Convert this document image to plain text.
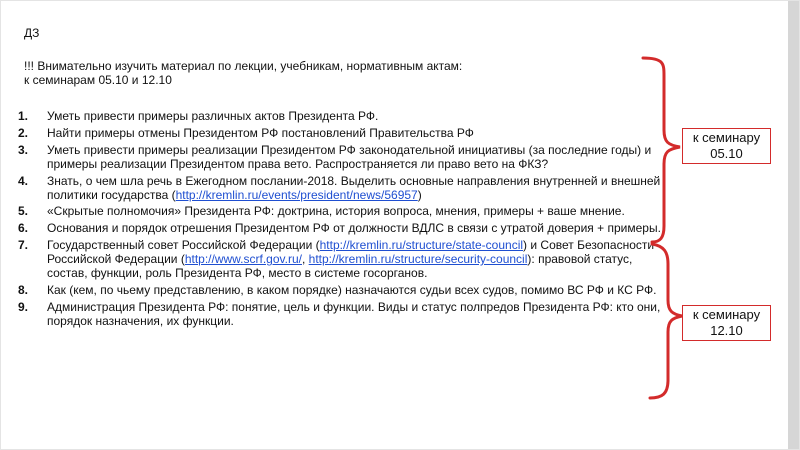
ДЗ
!!! Внимательно изучить материал по лекции, учебникам, нормативным актам:
к семинарам 05.10 и 12.10
1.	Уметь привести примеры различных актов Президента РФ.
2.	Найти примеры отмены Президентом РФ постановлений Правительства РФ
3.	Уметь привести примеры реализации Президентом РФ законодательной инициативы (за последние годы) и примеры реализации Президентом права вето. Распространяется ли право вето на ФКЗ?
4.	Знать, о чем шла речь в Ежегодном послании-2018. Выделить основные направления внутренней и внешней политики государства (http://kremlin.ru/events/president/news/56957)
5.	«Скрытые полномочия» Президента РФ: доктрина, история вопроса, мнения, примеры + ваше мнение.
6.	Основания и порядок отрешения Президентом РФ от должности ВДЛС в связи с утратой доверия + примеры.
7.	Государственный совет Российской Федерации (http://kremlin.ru/structure/state-council) и Совет Безопасности Российской Федерации (http://www.scrf.gov.ru/, http://kremlin.ru/structure/security-council): правовой статус, состав, функции, роль Президента РФ, место в системе госорганов.
8.	Как (кем, по чьему представлению, в каком порядке) назначаются судьи всех судов, помимо ВС РФ и КС РФ.
9.	Администрация Президента РФ: понятие, цель и функции. Виды и статус полпредов Президента РФ: кто они, порядок назначения, их функции.
к семинару
05.10
к семинару
12.10
